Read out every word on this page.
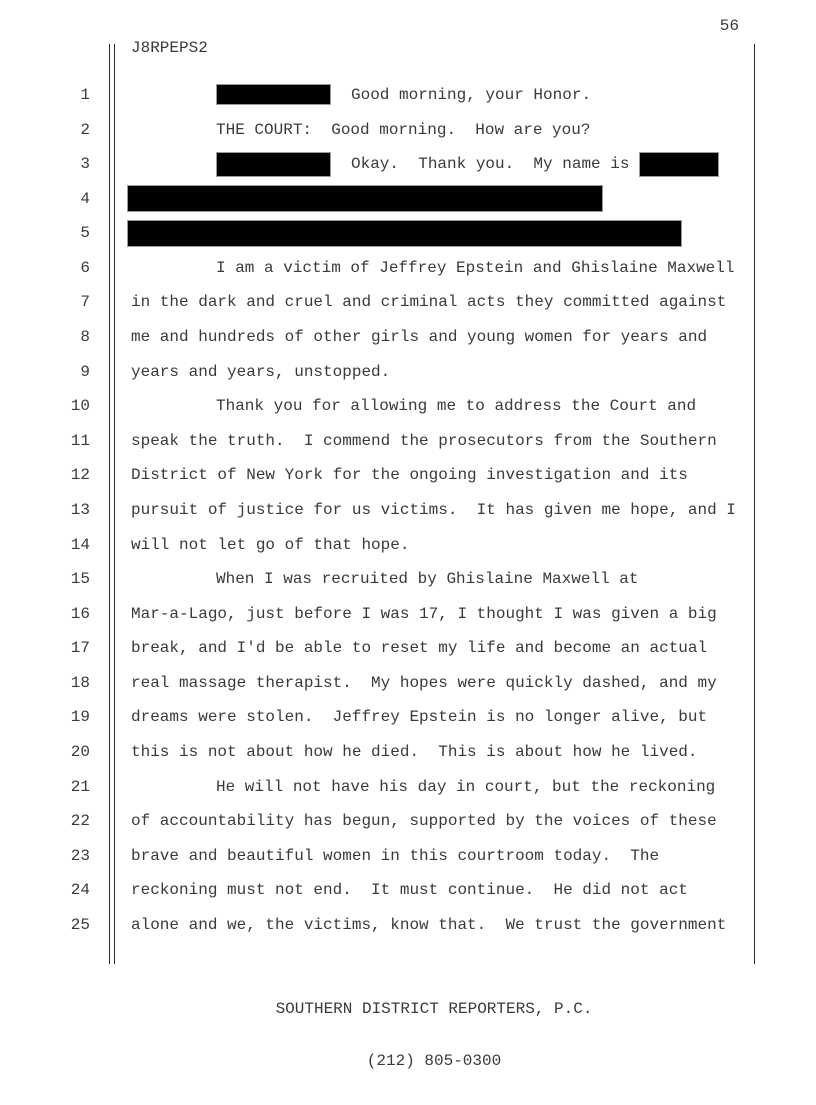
56
J8RPEPS2
1	Good morning, your Honor.
2	THE COURT:  Good morning.  How are you?
3	Okay.  Thank you.  My name is
4
5
6	I am a victim of Jeffrey Epstein and Ghislaine Maxwell
7	in the dark and cruel and criminal acts they committed against
8	me and hundreds of other girls and young women for years and
9	years and years, unstopped.
10	Thank you for allowing me to address the Court and
11	speak the truth.  I commend the prosecutors from the Southern
12	District of New York for the ongoing investigation and its
13	pursuit of justice for us victims.  It has given me hope, and I
14	will not let go of that hope.
15	When I was recruited by Ghislaine Maxwell at
16	Mar-a-Lago, just before I was 17, I thought I was given a big
17	break, and I'd be able to reset my life and become an actual
18	real massage therapist.  My hopes were quickly dashed, and my
19	dreams were stolen.  Jeffrey Epstein is no longer alive, but
20	this is not about how he died.  This is about how he lived.
21	He will not have his day in court, but the reckoning
22	of accountability has begun, supported by the voices of these
23	brave and beautiful women in this courtroom today.  The
24	reckoning must not end.  It must continue.  He did not act
25	alone and we, the victims, know that.  We trust the government

SOUTHERN DISTRICT REPORTERS, P.C.

(212) 805-0300
